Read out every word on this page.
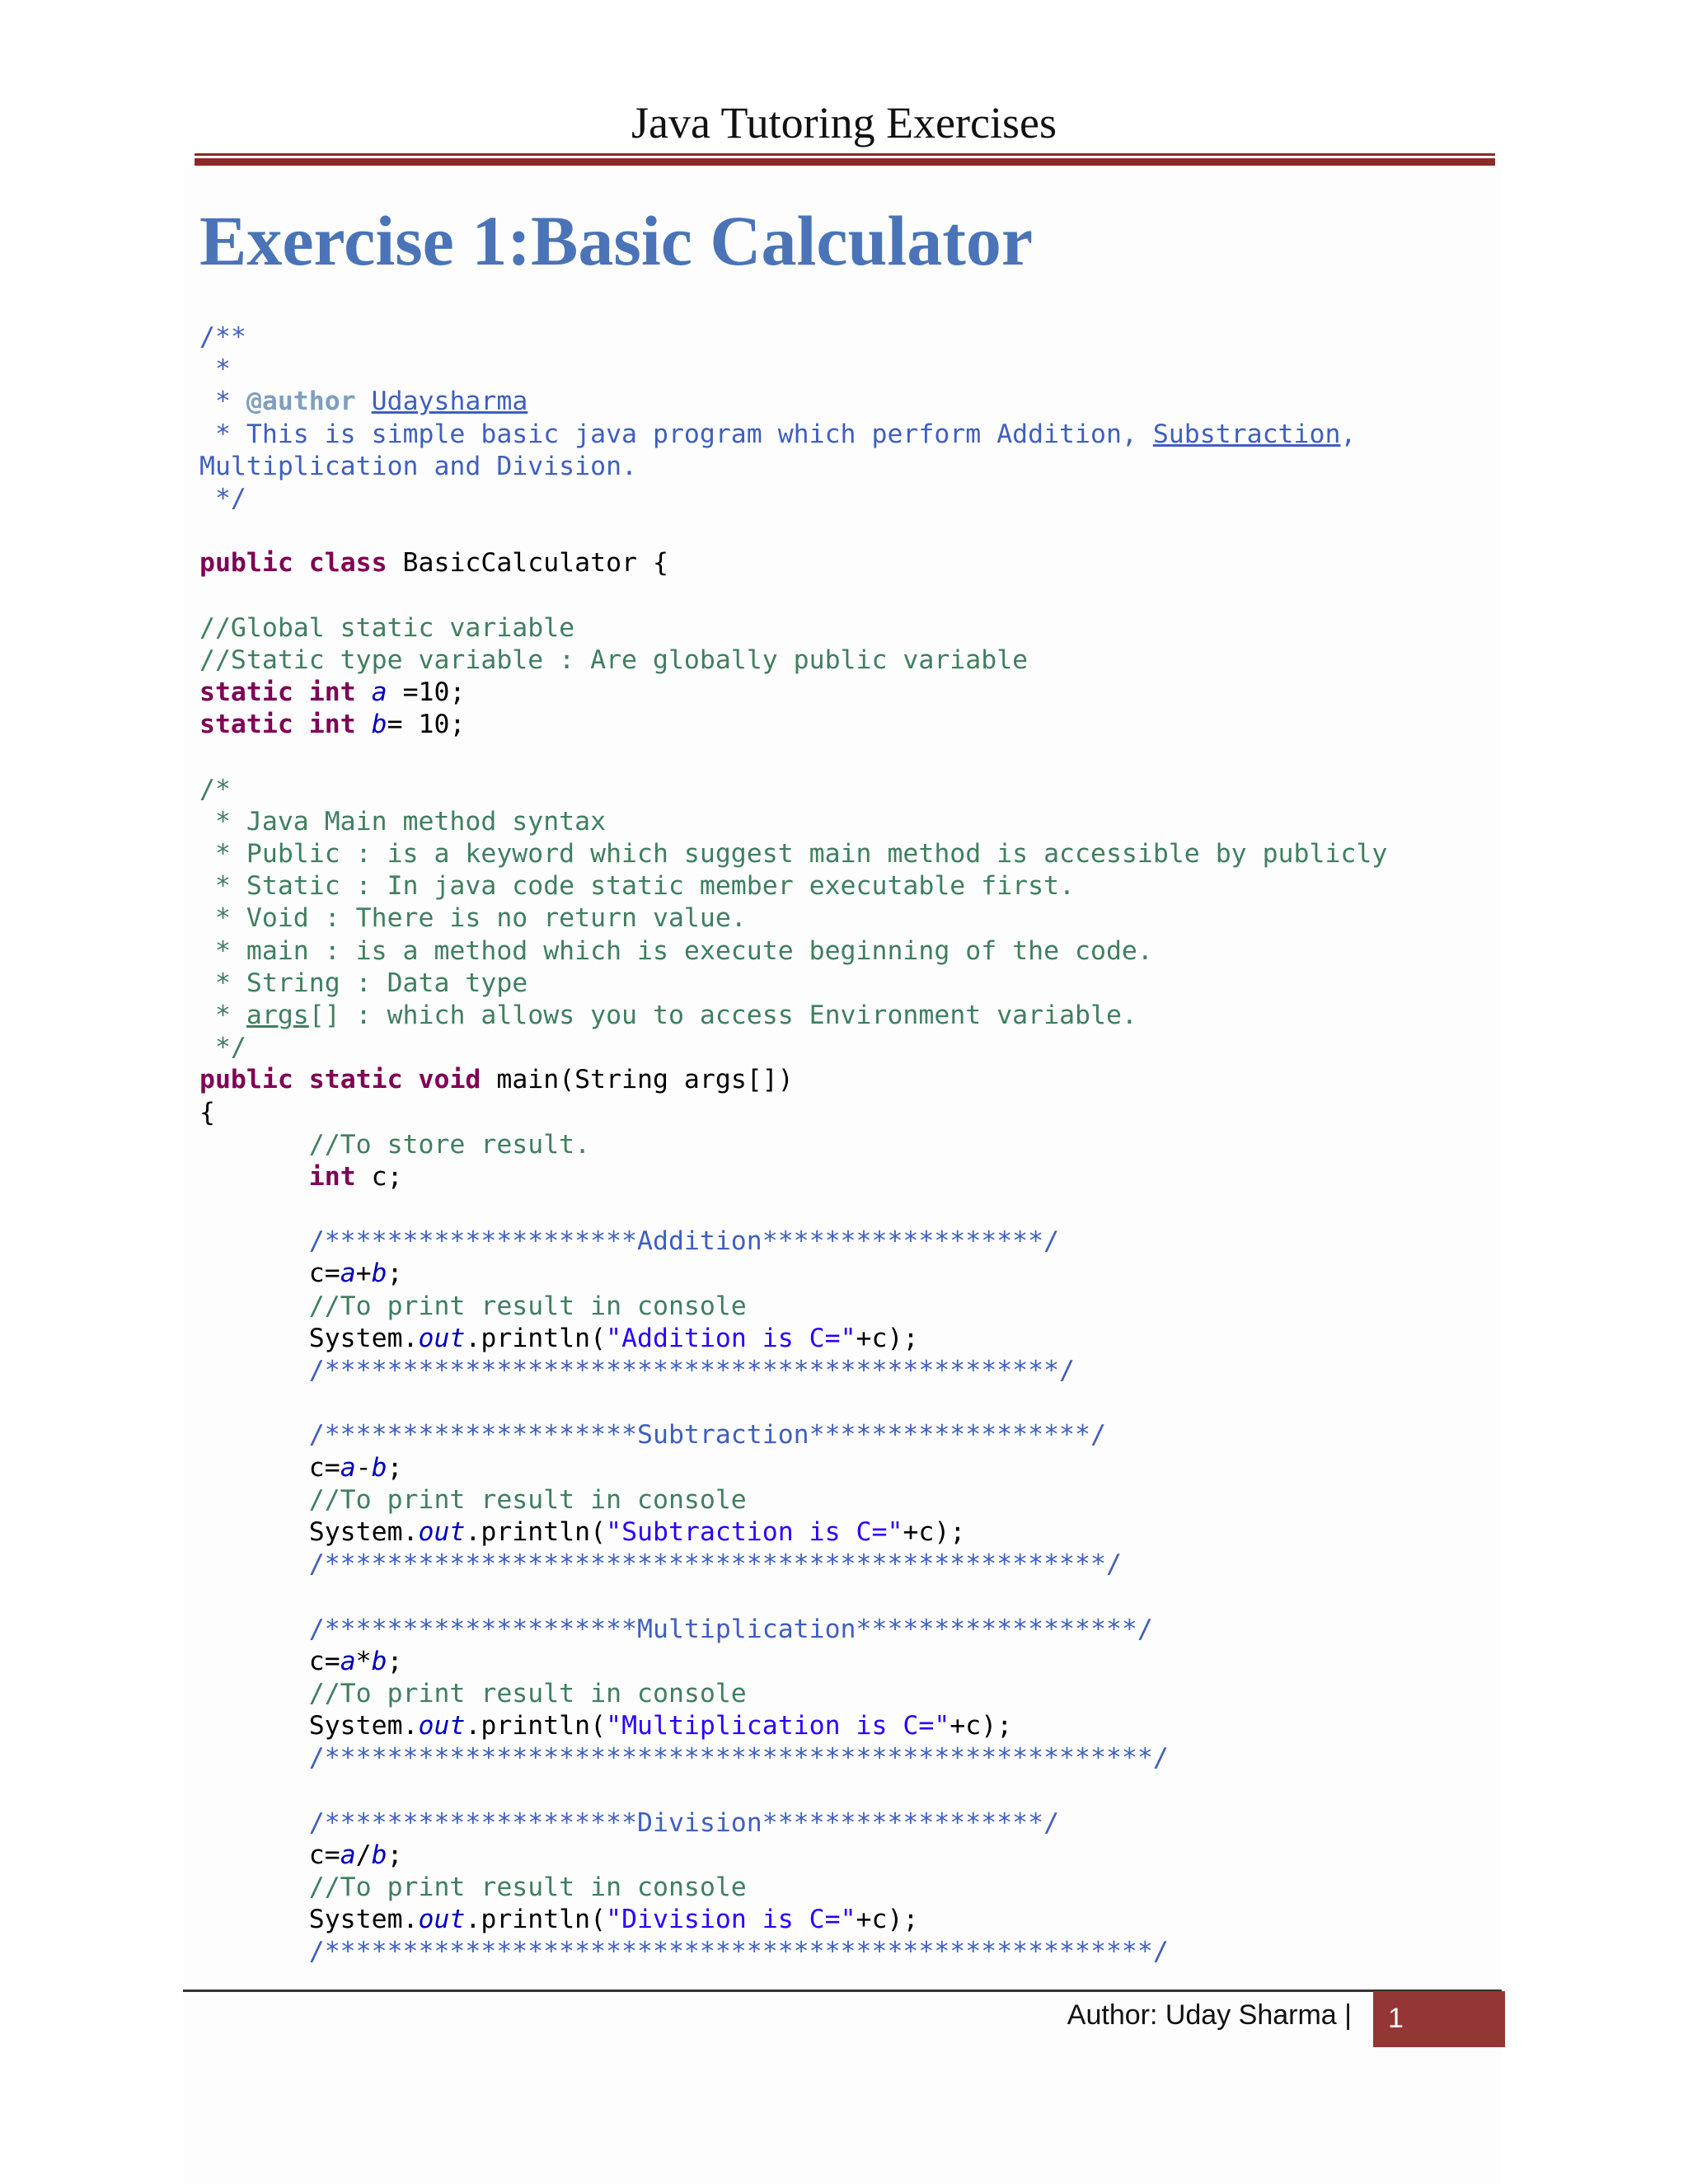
Java Tutoring Exercises
Exercise 1:Basic Calculator
/**
*
* @author Udaysharma
* This is simple basic java program which perform Addition, Substraction,
Multiplication and Division.
*/
public class BasicCalculator {
//Global static variable
//Static type variable : Are globally public variable
static int a =10;
static int b= 10;
/*
* Java Main method syntax
* Public : is a keyword which suggest main method is accessible by publicly
* Static : In java code static member executable first.
* Void : There is no return value.
* main : is a method which is execute beginning of the code.
* String : Data type
* args[] : which allows you to access Environment variable.
*/
public static void main(String args[])
{
//To store result.
int c;
/********************Addition******************/
c=a+b;
//To print result in console
System.out.println("Addition is C="+c);
/***********************************************/
/********************Subtraction******************/
c=a-b;
//To print result in console
System.out.println("Subtraction is C="+c);
/**************************************************/
/********************Multiplication******************/
c=a*b;
//To print result in console
System.out.println("Multiplication is C="+c);
/*****************************************************/
/********************Division******************/
c=a/b;
//To print result in console
System.out.println("Division is C="+c);
/*****************************************************/
Author: Uday Sharma | 1
